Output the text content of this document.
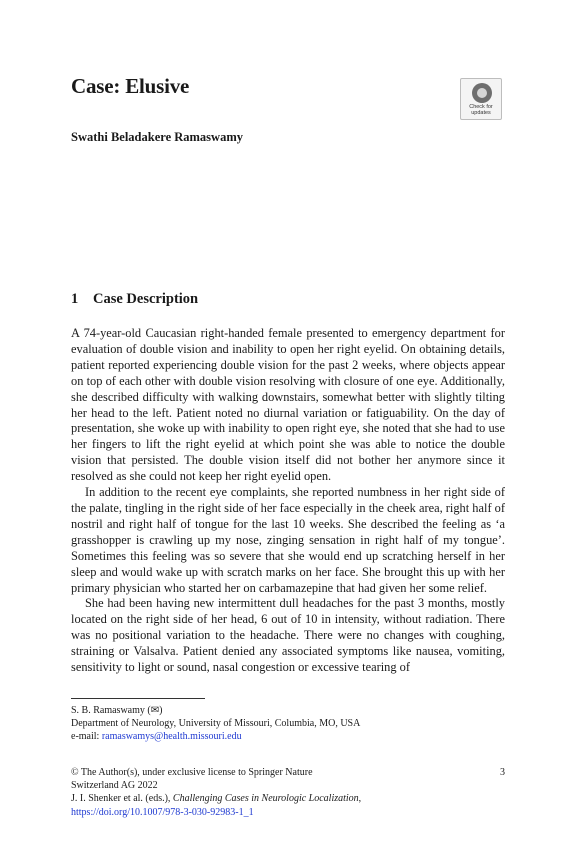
Case: Elusive
Swathi Beladakere Ramaswamy
Check for
updates
1 Case Description

A 74-year-old Caucasian right-handed female presented to emergency department for evaluation of double vision and inability to open her right eyelid. On obtaining details, patient reported experiencing double vision for the past 2 weeks, where objects appear on top of each other with double vision resolving with closure of one eye. Additionally, she described difficulty with walking downstairs, somewhat better with slightly tilting her head to the left. Patient noted no diurnal variation or fatiguability. On the day of presentation, she woke up with inability to open right eye, she noted that she had to use her fingers to lift the right eyelid at which point she was able to notice the double vision that persisted. The double vision itself did not bother her anymore since it resolved as she could not keep her right eyelid open.

In addition to the recent eye complaints, she reported numbness in her right side of the palate, tingling in the right side of her face especially in the cheek area, right half of nostril and right half of tongue for the last 10 weeks. She described the feeling as ‘a grasshopper is crawling up my nose, zinging sensation in right half of my tongue’. Sometimes this feeling was so severe that she would end up scratching herself in her sleep and would wake up with scratch marks on her face. She brought this up with her primary physician who started her on carbamazepine that had given her some relief.

She had been having new intermittent dull headaches for the past 3 months, mostly located on the right side of her head, 6 out of 10 in intensity, without radiation. There was no positional variation to the headache. There were no changes with coughing, straining or Valsalva. Patient denied any associated symptoms like nausea, vomiting, sensitivity to light or sound, nasal congestion or excessive tearing of

S. B. Ramaswamy (✉)
Department of Neurology, University of Missouri, Columbia, MO, USA
e-mail: ramaswamys@health.missouri.edu
3
© The Author(s), under exclusive license to Springer Nature
Switzerland AG 2022
J. I. Shenker et al. (eds.), Challenging Cases in Neurologic Localization,
https://doi.org/10.1007/978-3-030-92983-1_1
